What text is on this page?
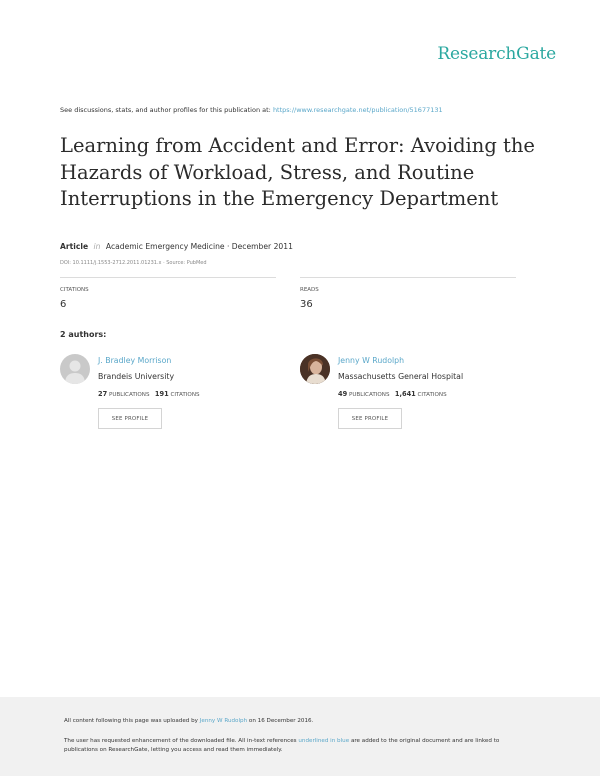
ResearchGate
See discussions, stats, and author profiles for this publication at: https://www.researchgate.net/publication/51677131
Learning from Accident and Error: Avoiding the
Hazards of Workload, Stress, and Routine
Interruptions in the Emergency Department
Article in Academic Emergency Medicine · December 2011
DOI: 10.1111/j.1553-2712.2011.01231.x · Source: PubMed
CITATIONS
6
READS
36
2 authors:
J. Bradley Morrison
Brandeis University
27 PUBLICATIONS 191 CITATIONS
SEE PROFILE
Jenny W Rudolph
Massachusetts General Hospital
49 PUBLICATIONS 1,641 CITATIONS
SEE PROFILE

All content following this page was uploaded by Jenny W Rudolph on 16 December 2016.

The user has requested enhancement of the downloaded file. All in-text references underlined in blue are added to the original document and are linked to publications on ResearchGate, letting you access and read them immediately.
